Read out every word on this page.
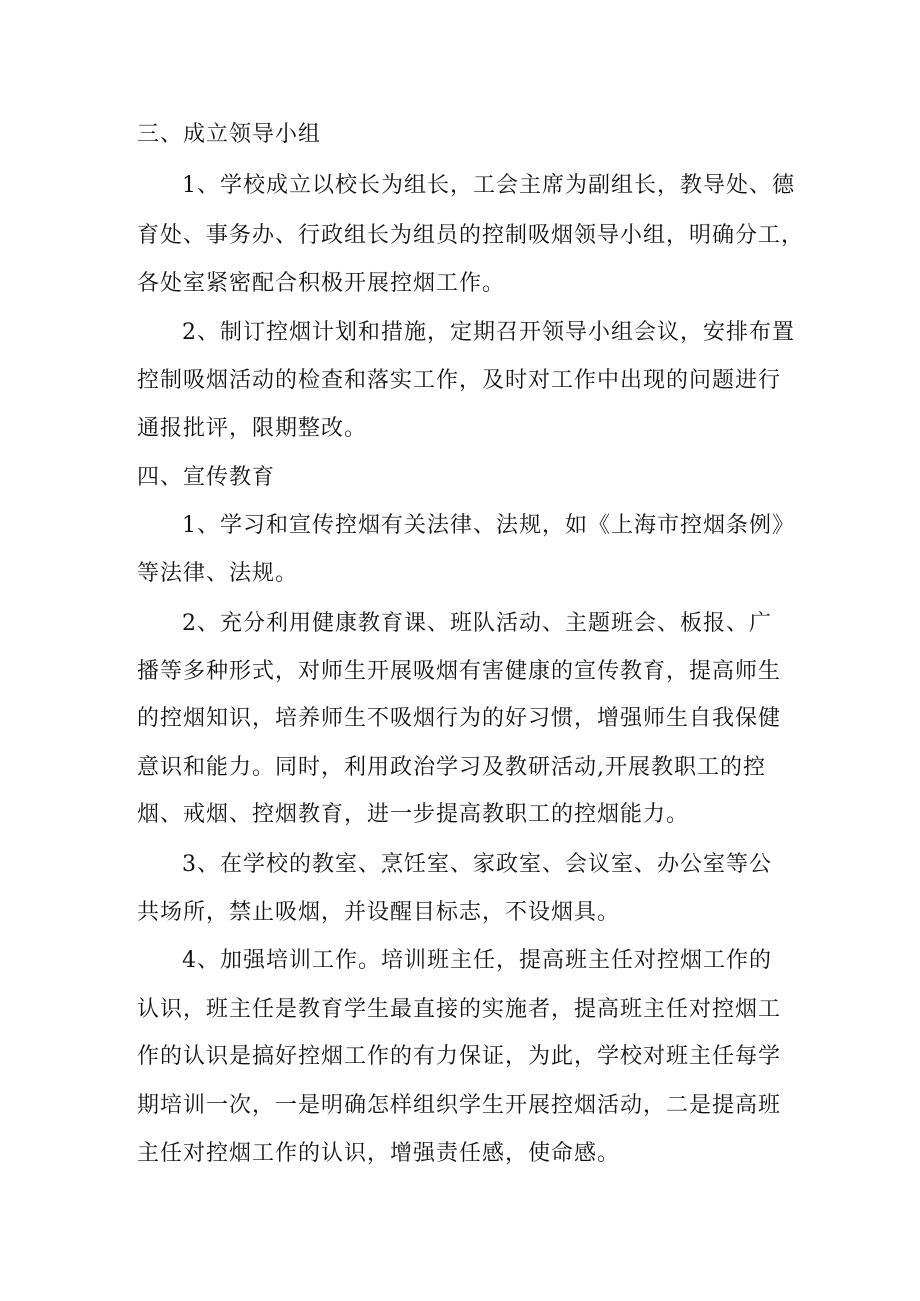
三、成立领导小组
1、学校成立以校长为组长，工会主席为副组长，教导处、德
育处、事务办、行政组长为组员的控制吸烟领导小组，明确分工，
各处室紧密配合积极开展控烟工作。
2、制订控烟计划和措施，定期召开领导小组会议，安排布置
控制吸烟活动的检查和落实工作，及时对工作中出现的问题进行
通报批评，限期整改。
四、宣传教育
1、学习和宣传控烟有关法律、法规，如《上海市控烟条例》
等法律、法规。
2、充分利用健康教育课、班队活动、主题班会、板报、广
播等多种形式，对师生开展吸烟有害健康的宣传教育，提高师生
的控烟知识，培养师生不吸烟行为的好习惯，增强师生自我保健
意识和能力。同时，利用政治学习及教研活动,开展教职工的控
烟、戒烟、控烟教育，进一步提高教职工的控烟能力。
3、在学校的教室、烹饪室、家政室、会议室、办公室等公
共场所，禁止吸烟，并设醒目标志，不设烟具。
4、加强培训工作。培训班主任，提高班主任对控烟工作的
认识，班主任是教育学生最直接的实施者，提高班主任对控烟工
作的认识是搞好控烟工作的有力保证，为此，学校对班主任每学
期培训一次，一是明确怎样组织学生开展控烟活动，二是提高班
主任对控烟工作的认识，增强责任感，使命感。
